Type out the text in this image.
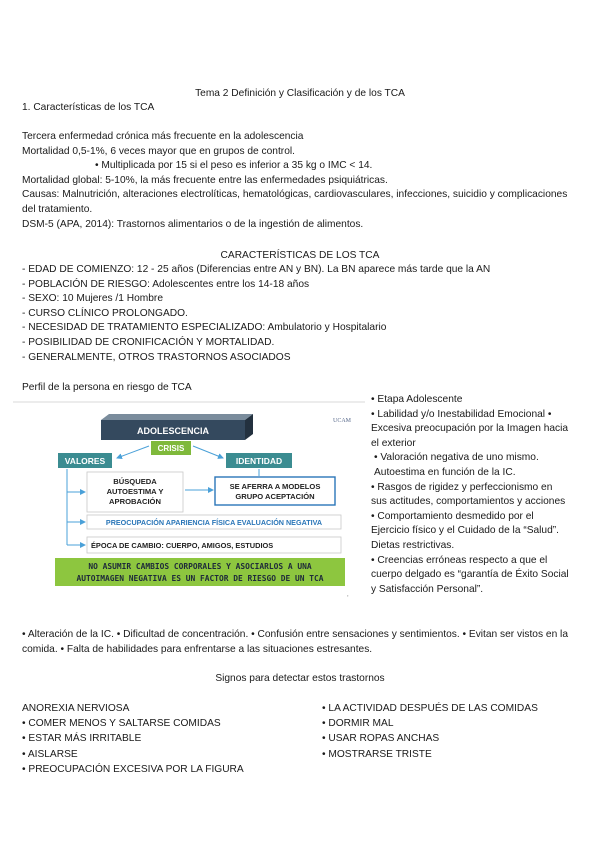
Tema 2 Definición y Clasificación y de los TCA
1. Características de los TCA
Tercera enfermedad crónica más frecuente en la adolescencia
Mortalidad 0,5-1%, 6 veces mayor que en grupos de control.
• Multiplicada por 15 si el peso es inferior a 35 kg o IMC < 14.
Mortalidad global: 5-10%, la más frecuente entre las enfermedades psiquiátricas.
Causas: Malnutrición, alteraciones electrolíticas, hematológicas, cardiovasculares, infecciones, suicidio y complicaciones del tratamiento.
DSM-5 (APA, 2014): Trastornos alimentarios o de la ingestión de alimentos.
CARACTERÍSTICAS DE LOS TCA
- EDAD DE COMIENZO: 12 - 25 años (Diferencias entre AN y BN). La BN aparece más tarde que la AN
- POBLACIÓN DE RIESGO: Adolescentes entre los 14-18 años
- SEXO: 10 Mujeres /1 Hombre
- CURSO CLÍNICO PROLONGADO.
- NECESIDAD DE TRATAMIENTO ESPECIALIZADO: Ambulatorio y Hospitalario
- POSIBILIDAD DE CRONIFICACIÓN Y MORTALIDAD.
- GENERALMENTE, OTROS TRASTORNOS ASOCIADOS
Perfil de la persona en riesgo de TCA
UCAM
ADOLESCENCIA
CRISIS
VALORES	IDENTIDAD
BÚSQUEDA
AUTOESTIMA Y
APROBACIÓN
SE AFERRA A MODELOS
GRUPO ACEPTACIÓN
PREOCUPACIÓN APARIENCIA FÍSICA EVALUACIÓN NEGATIVA
ÉPOCA DE CAMBIO: CUERPO, AMIGOS, ESTUDIOS
NO ASUMIR CAMBIOS CORPORALES Y ASOCIARLOS A UNA
AUTOIMAGEN NEGATIVA ES UN FACTOR DE RIESGO DE UN TCA
,
• Etapa Adolescente
• Labilidad y/o Inestabilidad Emocional • Excesiva preocupación por la Imagen hacia el exterior
• Valoración negativa de uno mismo. Autoestima en función de la IC.
• Rasgos de rigidez y perfeccionismo en sus actitudes, comportamientos y acciones
• Comportamiento desmedido por el Ejercicio físico y el Cuidado de la “Salud”. Dietas restrictivas.
• Creencias erróneas respecto a que el cuerpo delgado es “garantía de Éxito Social y Satisfacción Personal”.
• Alteración de la IC. • Dificultad de concentración. • Confusión entre sensaciones y sentimientos. • Evitan ser vistos en la comida. • Falta de habilidades para enfrentarse a las situaciones estresantes.
Signos para detectar estos trastornos
ANOREXIA NERVIOSA
• COMER MENOS Y SALTARSE COMIDAS
• ESTAR MÁS IRRITABLE
• AISLARSE
• PREOCUPACIÓN EXCESIVA POR LA FIGURA
• LA ACTIVIDAD DESPUÉS DE LAS COMIDAS
• DORMIR MAL
• USAR ROPAS ANCHAS
• MOSTRARSE TRISTE
